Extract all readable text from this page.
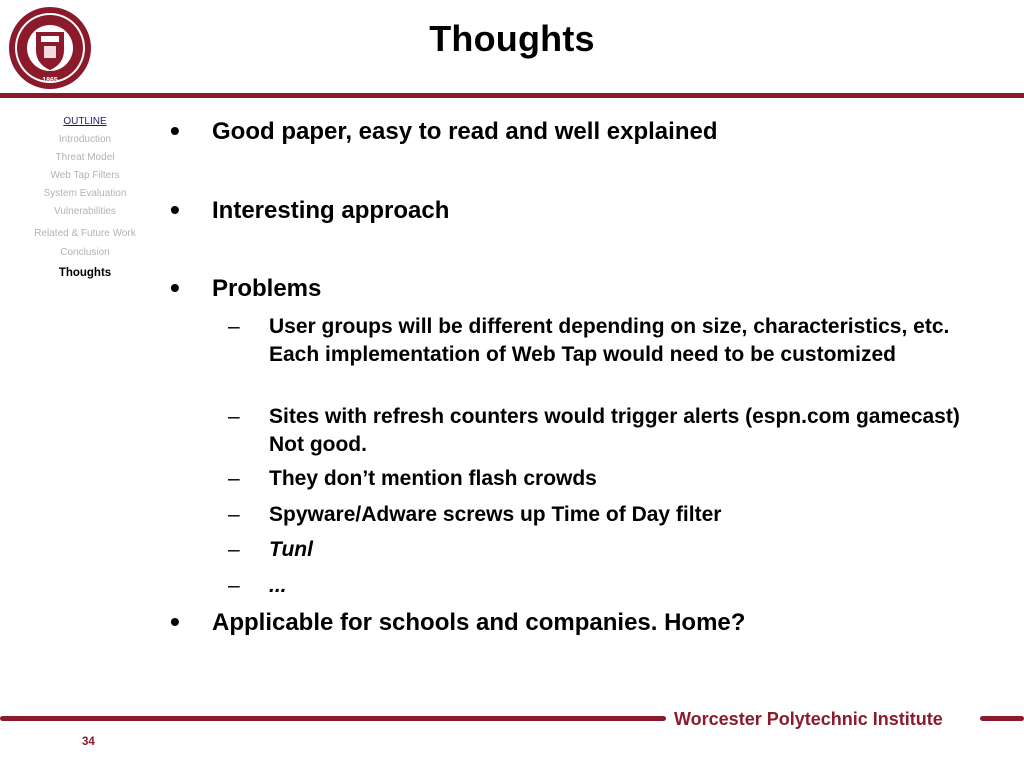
1865
Thoughts
OUTLINE
Introduction
Threat Model
Web Tap Filters
System Evaluation
Vulnerabilities
Related & Future Work
Conclusion
Thoughts
• Good paper, easy to read and well explained
• Interesting approach
• Problems
– User groups will be different depending on size, characteristics, etc. Each implementation of Web Tap would need to be customized
– Sites with refresh counters would trigger alerts (espn.com gamecast) Not good.
– They don’t mention flash crowds
– Spyware/Adware screws up Time of Day filter
– Tunl
– ...
• Applicable for schools and companies. Home?
Worcester Polytechnic Institute
34
